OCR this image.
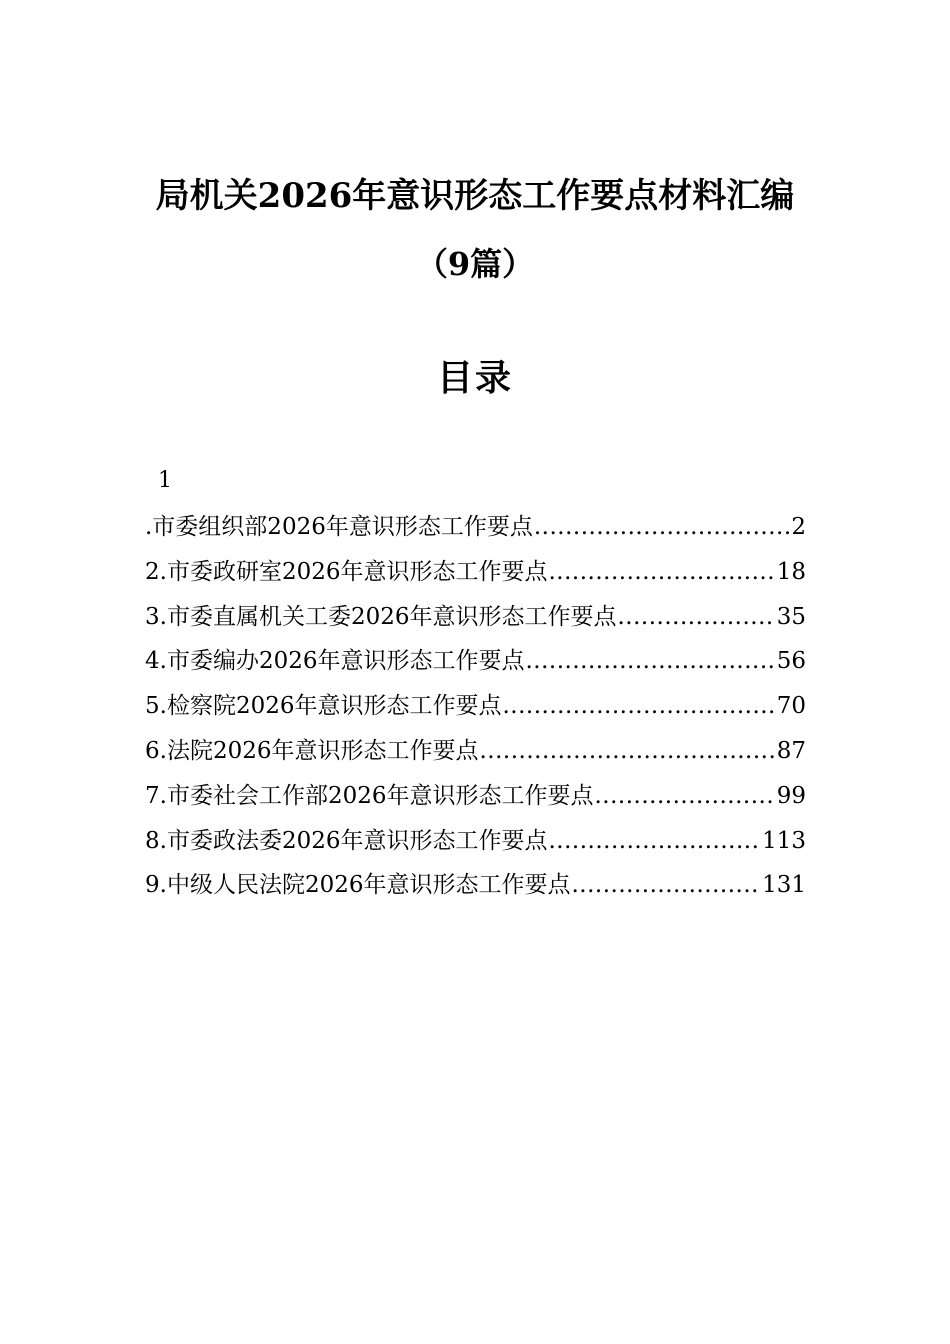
局机关2026年意识形态工作要点材料汇编
（9篇）
目录
1
.市委组织部2026年意识形态工作要点 .....	2
2.市委政研室2026年意识形态工作要点 .....	18
3.市委直属机关工委2026年意识形态工作要点 .....	35
4.市委编办2026年意识形态工作要点 .....	56
5.检察院2026年意识形态工作要点 .....	70
6.法院2026年意识形态工作要点 .....	87
7.市委社会工作部2026年意识形态工作要点 .....	99
8.市委政法委2026年意识形态工作要点 .....	113
9.中级人民法院2026年意识形态工作要点 .....	131
